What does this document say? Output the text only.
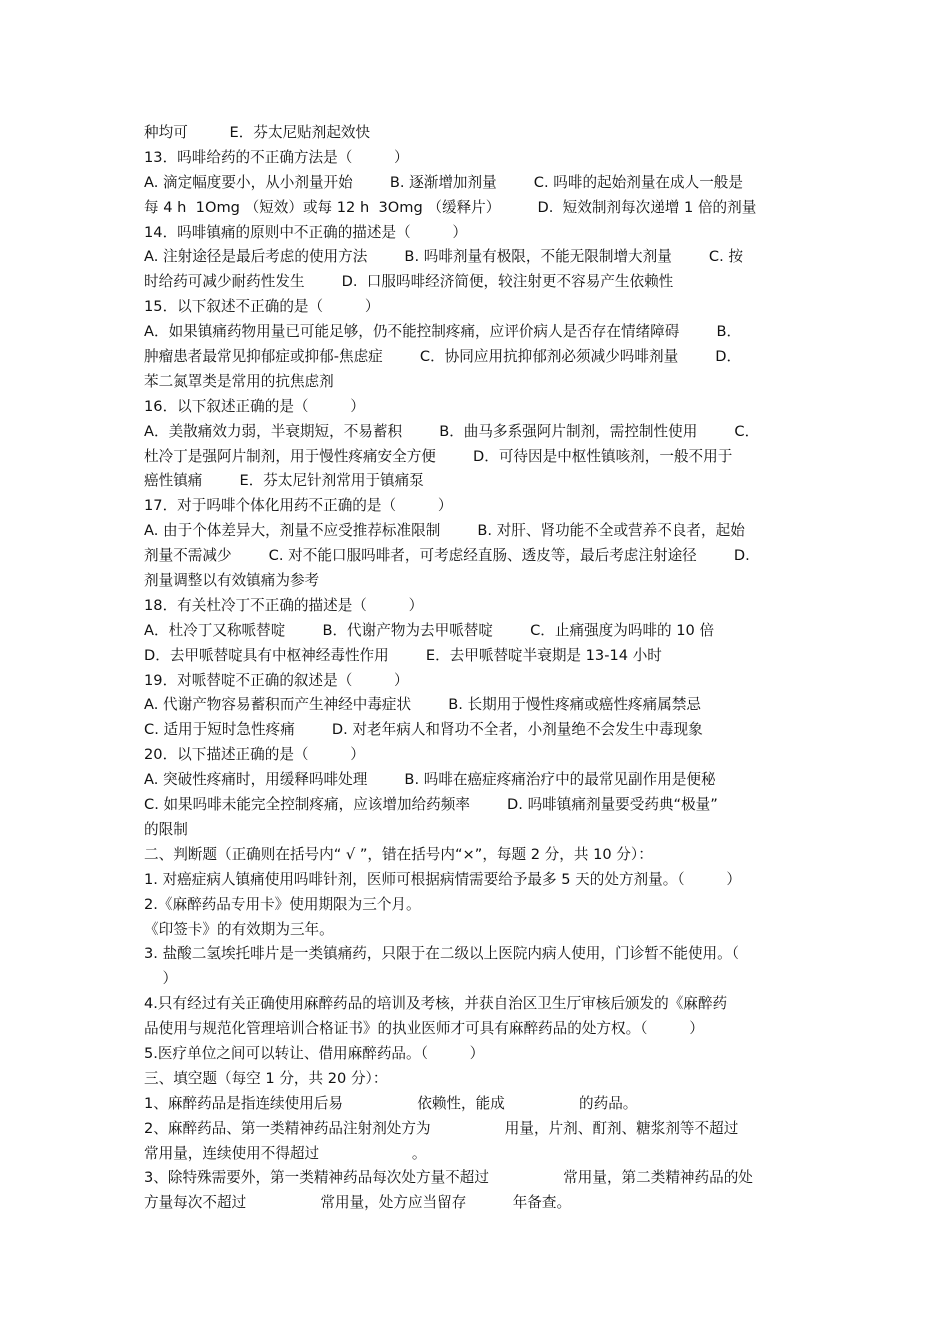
种均可         E．芬太尼贴剂起效快
13．吗啡给药的不正确方法是（         ）
A. 滴定幅度要小，从小剂量开始        B. 逐渐增加剂量        C. 吗啡的起始剂量在成人一般是
每 4 h  1Omg （短效）或每 12 h  3Omg （缓释片）        D.  短效制剂每次递增 1 倍的剂量
14．吗啡镇痛的原则中不正确的描述是（         ）
A. 注射途径是最后考虑的使用方法        B. 吗啡剂量有极限，不能无限制增大剂量        C. 按
时给药可减少耐药性发生        D.  口服吗啡经济简便，较注射更不容易产生依赖性
15．以下叙述不正确的是（         ）
A．如果镇痛药物用量已可能足够，仍不能控制疼痛，应评价病人是否存在情绪障碍        B．
肿瘤患者最常见抑郁症或抑郁-焦虑症        C．协同应用抗抑郁剂必须减少吗啡剂量        D．
苯二氮罩类是常用的抗焦虑剂
16．以下叙述正确的是（         ）
A．美散痛效力弱，半衰期短，不易蓄积        B．曲马多系强阿片制剂，需控制性使用        C．
杜冷丁是强阿片制剂，用于慢性疼痛安全方便        D．可待因是中枢性镇咳剂，一般不用于
癌性镇痛        E．芬太尼针剂常用于镇痛泵
17．对于吗啡个体化用药不正确的是（         ）
A. 由于个体差异大，剂量不应受推荐标准限制        B. 对肝、肾功能不全或营养不良者，起始
剂量不需减少        C. 对不能口服吗啡者，可考虑经直肠、透皮等，最后考虑注射途径        D.
剂量调整以有效镇痛为参考
18．有关杜冷丁不正确的描述是（         ）
A．杜冷丁又称哌替啶        B．代谢产物为去甲哌替啶        C．止痛强度为吗啡的 10 倍
D．去甲哌替啶具有中枢神经毒性作用        E．去甲哌替啶半衰期是 13-14 小时
19．对哌替啶不正确的叙述是（         ）
A. 代谢产物容易蓄积而产生神经中毒症状        B. 长期用于慢性疼痛或癌性疼痛属禁忌
C. 适用于短时急性疼痛        D. 对老年病人和肾功不全者，小剂量绝不会发生中毒现象
20．以下描述正确的是（         ）
A. 突破性疼痛时，用缓释吗啡处理        B. 吗啡在癌症疼痛治疗中的最常见副作用是便秘
C. 如果吗啡未能完全控制疼痛，应该增加给药频率        D. 吗啡镇痛剂量要受药典“极量”
的限制
二、判断题（正确则在括号内“ √ ”，错在括号内“×”，每题 2 分，共 10 分）：
1. 对癌症病人镇痛使用吗啡针剂，医师可根据病情需要给予最多 5 天的处方剂量。（         ）
2.《麻醉药品专用卡》使用期限为三个月。
《印签卡》的有效期为三年。
3. 盐酸二氢埃托啡片是一类镇痛药，只限于在二级以上医院内病人使用，门诊暂不能使用。（
）
4.只有经过有关正确使用麻醉药品的培训及考核，并获自治区卫生厅审核后颁发的《麻醉药
品使用与规范化管理培训合格证书》的执业医师才可具有麻醉药品的处方权。（         ）
5.医疗单位之间可以转让、借用麻醉药品。（         ）
三、填空题（每空 1 分，共 20 分）：
1、麻醉药品是指连续使用后易                依赖性，能成                的药品。
2、麻醉药品、第一类精神药品注射剂处方为                用量，片剂、酊剂、糖浆剂等不超过
常用量，连续使用不得超过                    。
3、除特殊需要外，第一类精神药品每次处方量不超过                常用量，第二类精神药品的处
方量每次不超过                常用量，处方应当留存          年备查。
